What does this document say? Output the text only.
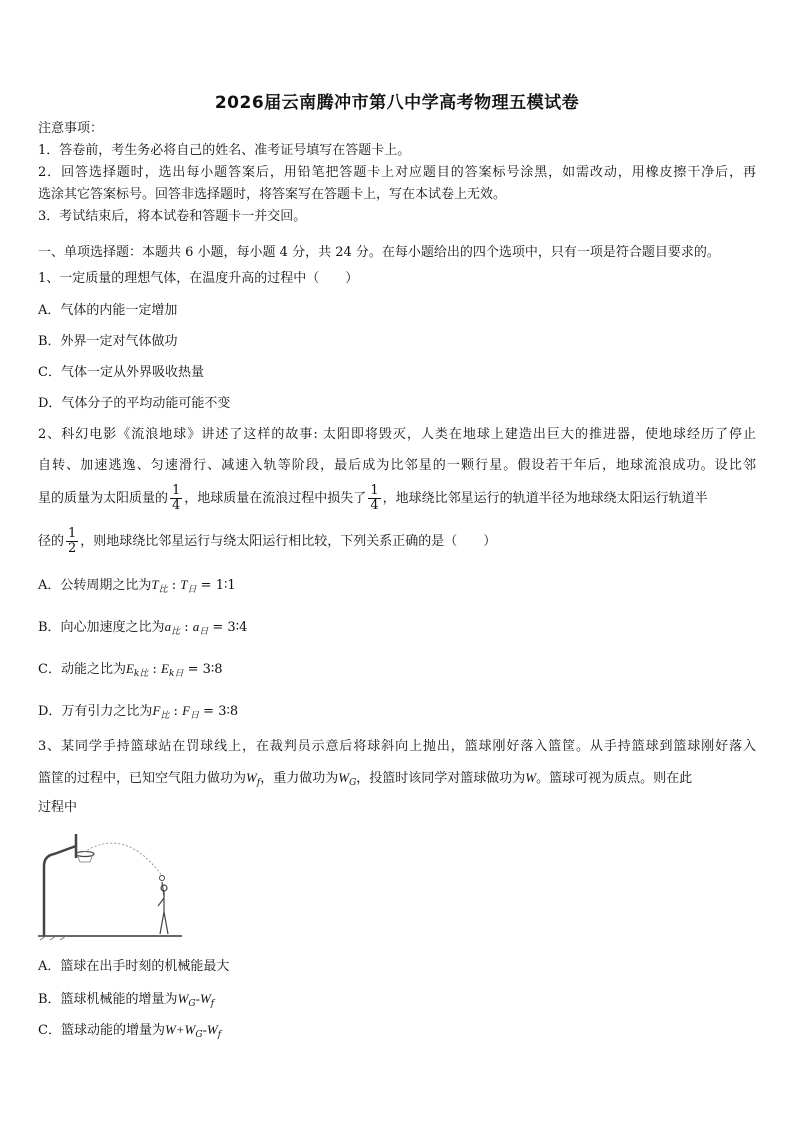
2026届云南腾冲市第八中学高考物理五模试卷
注意事项：
1．答卷前，考生务必将自己的姓名、准考证号填写在答题卡上。
2．回答选择题时，选出每小题答案后，用铅笔把答题卡上对应题目的答案标号涂黑，如需改动，用橡皮擦干净后，再
选涂其它答案标号。回答非选择题时，将答案写在答题卡上，写在本试卷上无效。
3．考试结束后，将本试卷和答题卡一并交回。
一、单项选择题：本题共 6 小题，每小题 4 分，共 24 分。在每小题给出的四个选项中，只有一项是符合题目要求的。
1、一定质量的理想气体，在温度升高的过程中（　　）
A．气体的内能一定增加
B．外界一定对气体做功
C．气体一定从外界吸收热量
D．气体分子的平均动能可能不变
2、科幻电影《流浪地球》讲述了这样的故事: 太阳即将毁灭，人类在地球上建造出巨大的推进器，使地球经历了停止
自转、加速逃逸、匀速滑行、减速入轨等阶段，最后成为比邻星的一颗行星。假设若干年后，地球流浪成功。设比邻
星的质量为太阳质量的 $\frac{1}{4}$ ，地球质量在流浪过程中损失了 $\frac{1}{4}$ ，地球绕比邻星运行的轨道半径为地球绕太阳运行轨道半
径的 $\frac{1}{2}$ ，则地球绕比邻星运行与绕太阳运行相比较，下列关系正确的是（　　）
A．公转周期之比为$T_比$ : $T_日$ = 1∶1
B．向心加速度之比为$a_比$ : $a_日$ = 3∶4
C．动能之比为$E_{k比}$ : $E_{k日}$ = 3∶8
D．万有引力之比为$F_比$ : $F_日$ = 3∶8
3、某同学手持篮球站在罚球线上，在裁判员示意后将球斜向上抛出，篮球刚好落入篮筐。从手持篮球到篮球刚好落入
篮筐的过程中，已知空气阻力做功为$W_f$，重力做功为$W_G$，投篮时该同学对篮球做功为W。篮球可视为质点。则在此
过程中
A．篮球在出手时刻的机械能最大
B．篮球机械能的增量为$W_G-W_f$
C．篮球动能的增量为$W+W_G-W_f$
